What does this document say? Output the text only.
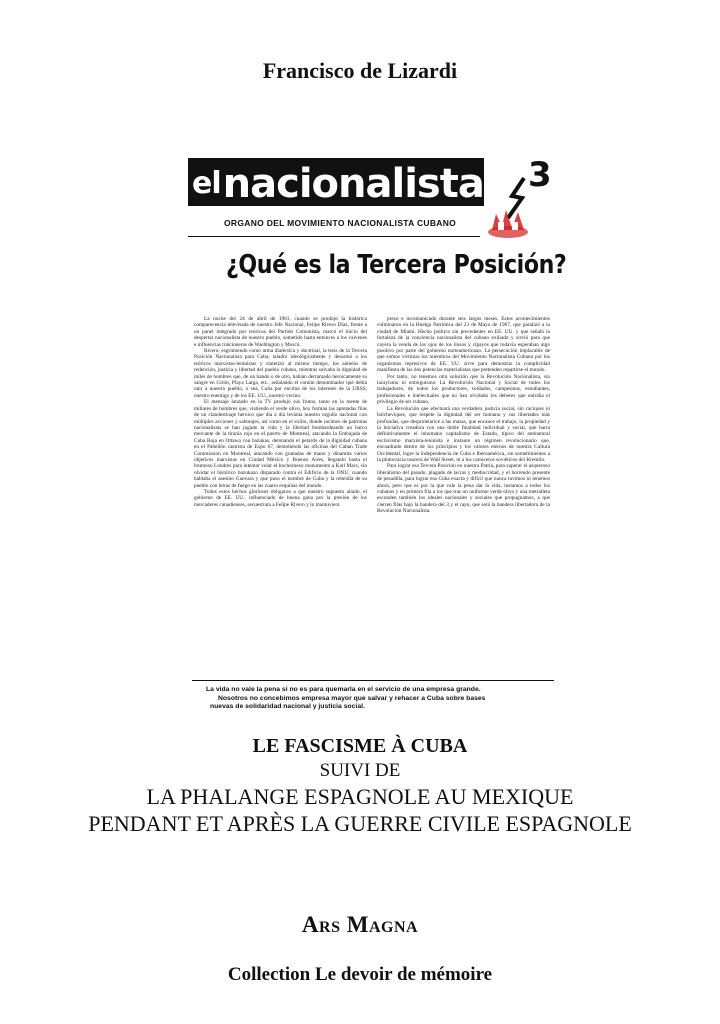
Francisco de Lizardi
el nacionalista 3
ORGANO DEL MOVIMIENTO NACIONALISTA CUBANO
¿Qué es la Tercera Posición?

La noche del 24 de abril de 1961, cuando se produjo la histórica comparecencia televisada de nuestro Jefe Nacional, Felipe Rivero Díaz, frente a un panel integrado por teóricos del Partido Comunista, marcó el inicio del despertar nacionalista de nuestro pueblo, sometido hasta entonces a los vaivenes e influencias traicioneras de Washington y Moscú.

Rivero, esgrimiendo como arma dialéctica y doctrinal, la tesis de la Tercera Posición Nacionalista para Cuba, taladró ideológicamente y desarmó a los teóricos marxistas-leninistas y sintetizó al mismo tiempo, los anhelos de redención, justicia y libertad del pueblo cubano, mientras salvaba la dignidad de miles de hombres que, de un bando o de otro, habían derramado heroicamente su sangre en Girón, Playa Larga, etc., señalando el común denominador que debía unir a nuestro pueblo, o sea, Cuba por encima de los intereses de la URSS, nuestro enemigo y de los EE. UU., nuestro vecino.

El mensaje lanzado en la TV produjo sus frutos, tanto en la mente de millares de hombres que, vistiendo el verde olivo, hoy forman las apretadas filas de un clandestinaje heroico que día a día levanta nuestro orgullo nacional con múltiples acciones y sabotajes, así como en el exilio, donde racimos de patriotas nacionalistas se han jugado la vida y la libertad bombardeando un barco mercante de la tiranía rojo en el puerto de Montreal, atacando la Embajada de Cuba Roja en Ottawa con bazukas, detonando el petardo de la dignidad cubana en el Pabellón castrista de Expo 67, demoliendo las oficinas del Cuban Trade Commission en Montreal, atacando con granadas de mano y dinamita varios objetivos marxistas en Ciudad México y Buenos Aires, llegando hasta el brumoso Londres para intentar volar el bochornoso monumento a Karl Marx, sin olvidar el histórico bazukazo disparado contra el Edificio de la ONU, cuando hablaba el asesino Guevara y que puso el nombre de Cuba y la rebeldía de su pueblo con letras de fuego en las cuatro esquinas del mundo.

Todos estos hechos gloriosos obligaron a que nuestro supuesto aliado, el gobierno de EE. UU., influenciado de buena gana por la presión de los mercaderes canadienses, secuestrara a Felipe Rivero y lo mantuviera

preso e incomunicado durante seis largos meses. Estos acontecimientos culminaron en la Huelga Patriótica del 23 de Mayo de 1967, que paralizó a la ciudad de Miami. Hecho político sin precedentes en EE. UU. y que señaló la fortaleza de la conciencia nacionalista del cubano exiliado y sirvió para que cayera la venda de los ojos de los ilusos y cipayos que todavía esperaban algo positivo por parte del gobierno norteamericano. La persecución implacable de que somos víctimas los miembros del Movimiento Nacionalista Cubano por los organismos represivos de EE. UU. sirve para demostrar la complicidad manifiesta de las dos potencias materialistas que pretenden repartirse el mundo.

Por tanto, no tenemos otra solución que la Revolución Nacionalista, sin lacayismo ni entreguismo. La Revolución Nacional y Social de todos los trabajadores, de todos los productores, soldados, campesinos, estudiantes, profesionales e intelectuales que no han olvidado los deberes que entraña el privilegio de ser cubano.

La Revolución que efectuará una verdadera justicia social, sin caciques ni bolcheviques, que respete la dignidad del ser humano y sus libertades más profundas, que desproletarice a las masas, que encauce el trabajo, la propiedad y la iniciativa creadora con una doble finalidad individual y social, que barra definitivamente el inhumano capitalismo de Estado, típico del antinatural esclavismo marxista-leninista e instaure un régimen revolucionario que, encuadrado dentro de los principios y los valores eternos de nuestra Cultura Occidental, logre la independencia de Cuba e Iberoamérica, sin sometimientos a la plutocracia usurera de Wall Street, ni a los carniceros soviéticos del Kremlin.

Para lograr esa Tercera Posición en nuestra Patria, para superar el asqueroso liberalismo del pasado, plagado de lacras y mediocridad, y el horrendo presente de pesadilla, para lograr esa Cuba exacta y difícil que nunca tuvimos ni tenemos ahora, pero que es por la que vale la pena dar la vida, instamos a todos los cubanos y en primera fila a los que tras un uniforme verde olivo y una metralleta esconden también los ideales nacionales y sociales que propugnamos, a que cierren filas bajo la bandera del 3 y el rayo, que será la bandera libertadora de la Revolución Nacionalista.

La vida no vale la pena si no es para quemarla en el servicio de una empresa grande.
Nosotros no concebimos empresa mayor que salvar y rehacer a Cuba sobre bases
nuevas de solidaridad nacional y justicia social.
LE FASCISME À CUBA
SUIVI DE
LA PHALANGE ESPAGNOLE AU MEXIQUE
PENDANT ET APRÈS LA GUERRE CIVILE ESPAGNOLE
Ars Magna
Collection Le devoir de mémoire
